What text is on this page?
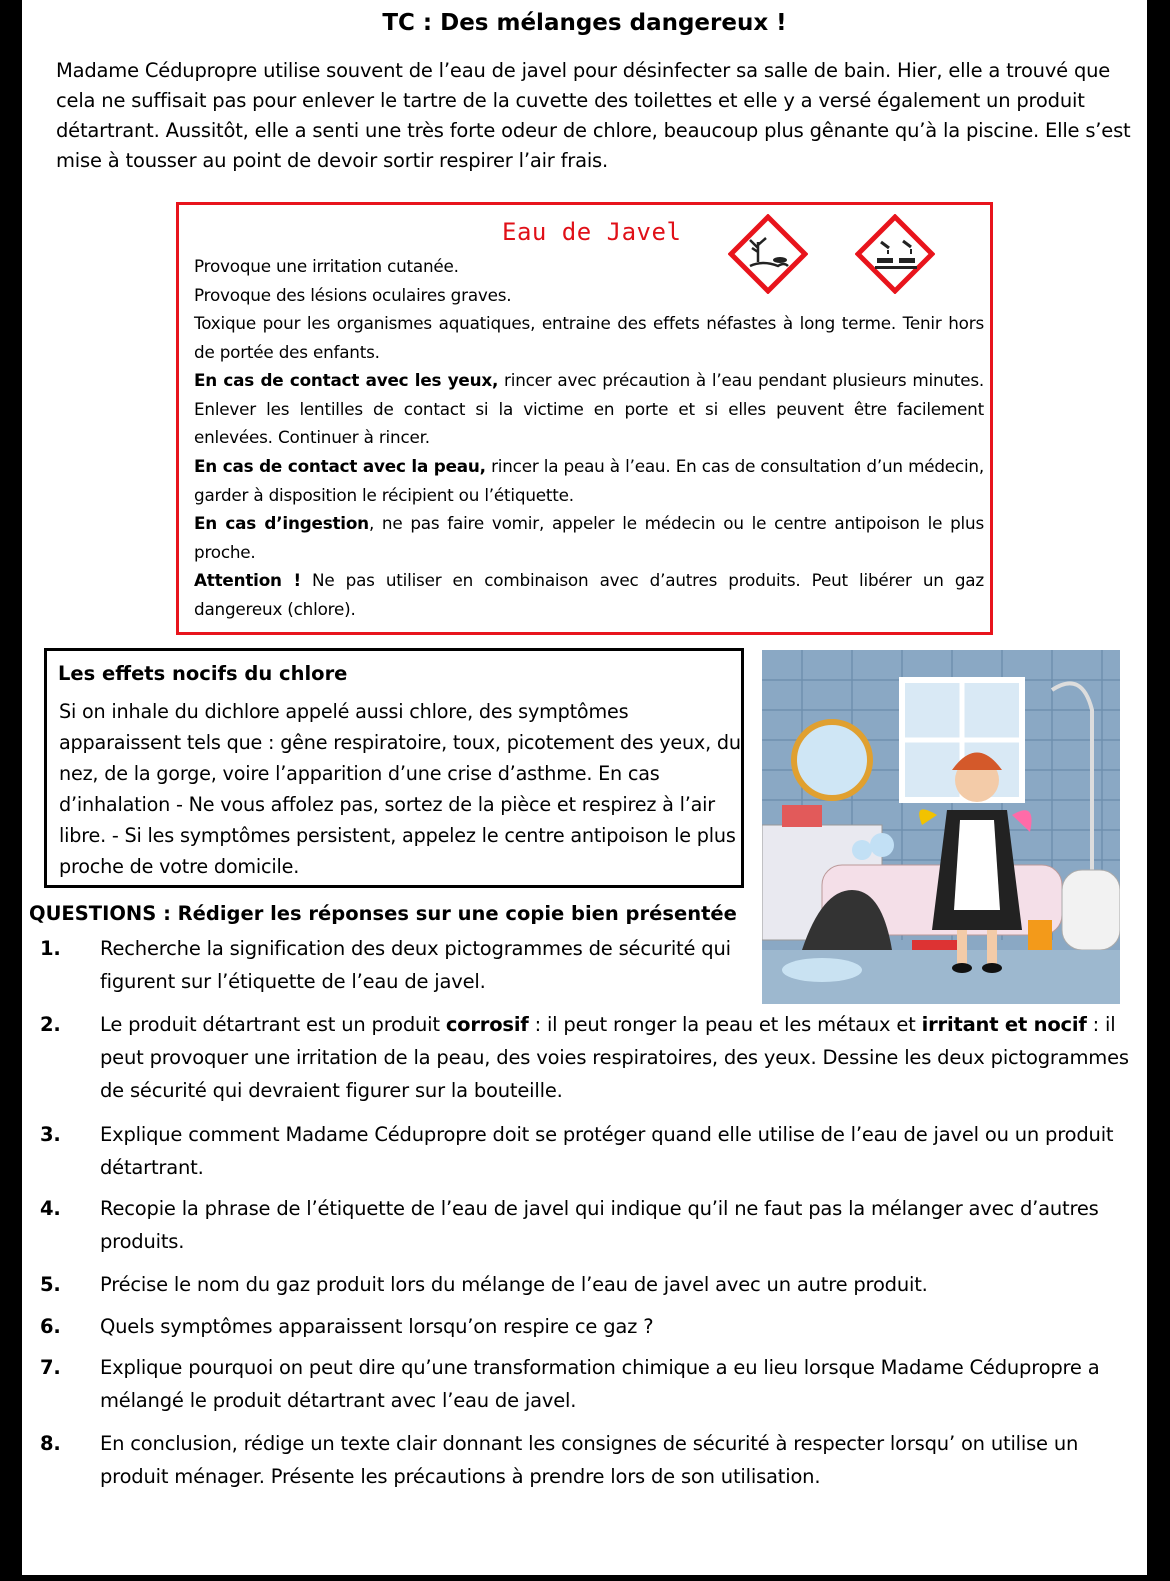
TC : Des mélanges dangereux !
Madame Cédupropre utilise souvent de l’eau de javel pour désinfecter sa salle de bain. Hier, elle a trouvé que cela ne suffisait pas pour enlever le tartre de la cuvette des toilettes et elle y a versé également un produit détartrant. Aussitôt, elle a senti une très forte odeur de chlore, beaucoup plus gênante qu’à la piscine. Elle s’est mise à tousser au point de devoir sortir respirer l’air frais.
Eau de Javel
Provoque une irritation cutanée.
Provoque des lésions oculaires graves.
Toxique pour les organismes aquatiques, entraine des effets néfastes à long terme. Tenir hors de portée des enfants.
En cas de contact avec les yeux, rincer avec précaution à l’eau pendant plusieurs minutes. Enlever les lentilles de contact si la victime en porte et si elles peuvent être facilement enlevées. Continuer à rincer.
En cas de contact avec la peau, rincer la peau à l’eau. En cas de consultation d’un médecin, garder à disposition le récipient ou l’étiquette.
En cas d’ingestion, ne pas faire vomir, appeler le médecin ou le centre antipoison le plus proche.
Attention ! Ne pas utiliser en combinaison avec d’autres produits. Peut libérer un gaz dangereux (chlore).
Les effets nocifs du chlore
Si on inhale du dichlore appelé aussi chlore, des symptômes apparaissent tels que : gêne respiratoire, toux, picotement des yeux, du nez, de la gorge, voire l’apparition d’une crise d’asthme. En cas d’inhalation - Ne vous affolez pas, sortez de la pièce et respirez à l’air libre. - Si les symptômes persistent, appelez le centre antipoison le plus proche de votre domicile.
QUESTIONS : Rédiger les réponses sur une copie bien présentée
1. Recherche la signification des deux pictogrammes de sécurité qui figurent sur l’étiquette de l’eau de javel.
2. Le produit détartrant est un produit corrosif : il peut ronger la peau et les métaux et irritant et nocif : il peut provoquer une irritation de la peau, des voies respiratoires, des yeux. Dessine les deux pictogrammes de sécurité qui devraient figurer sur la bouteille.
3. Explique comment Madame Cédupropre doit se protéger quand elle utilise de l’eau de javel ou un produit détartrant.
4. Recopie la phrase de l’étiquette de l’eau de javel qui indique qu’il ne faut pas la mélanger avec d’autres produits.
5. Précise le nom du gaz produit lors du mélange de l’eau de javel avec un autre produit.
6. Quels symptômes apparaissent lorsqu’on respire ce gaz ?
7. Explique pourquoi on peut dire qu’une transformation chimique a eu lieu lorsque Madame Cédupropre a mélangé le produit détartrant avec l’eau de javel.
8. En conclusion, rédige un texte clair donnant les consignes de sécurité à respecter lorsqu’ on utilise un produit ménager. Présente les précautions à prendre lors de son utilisation.
